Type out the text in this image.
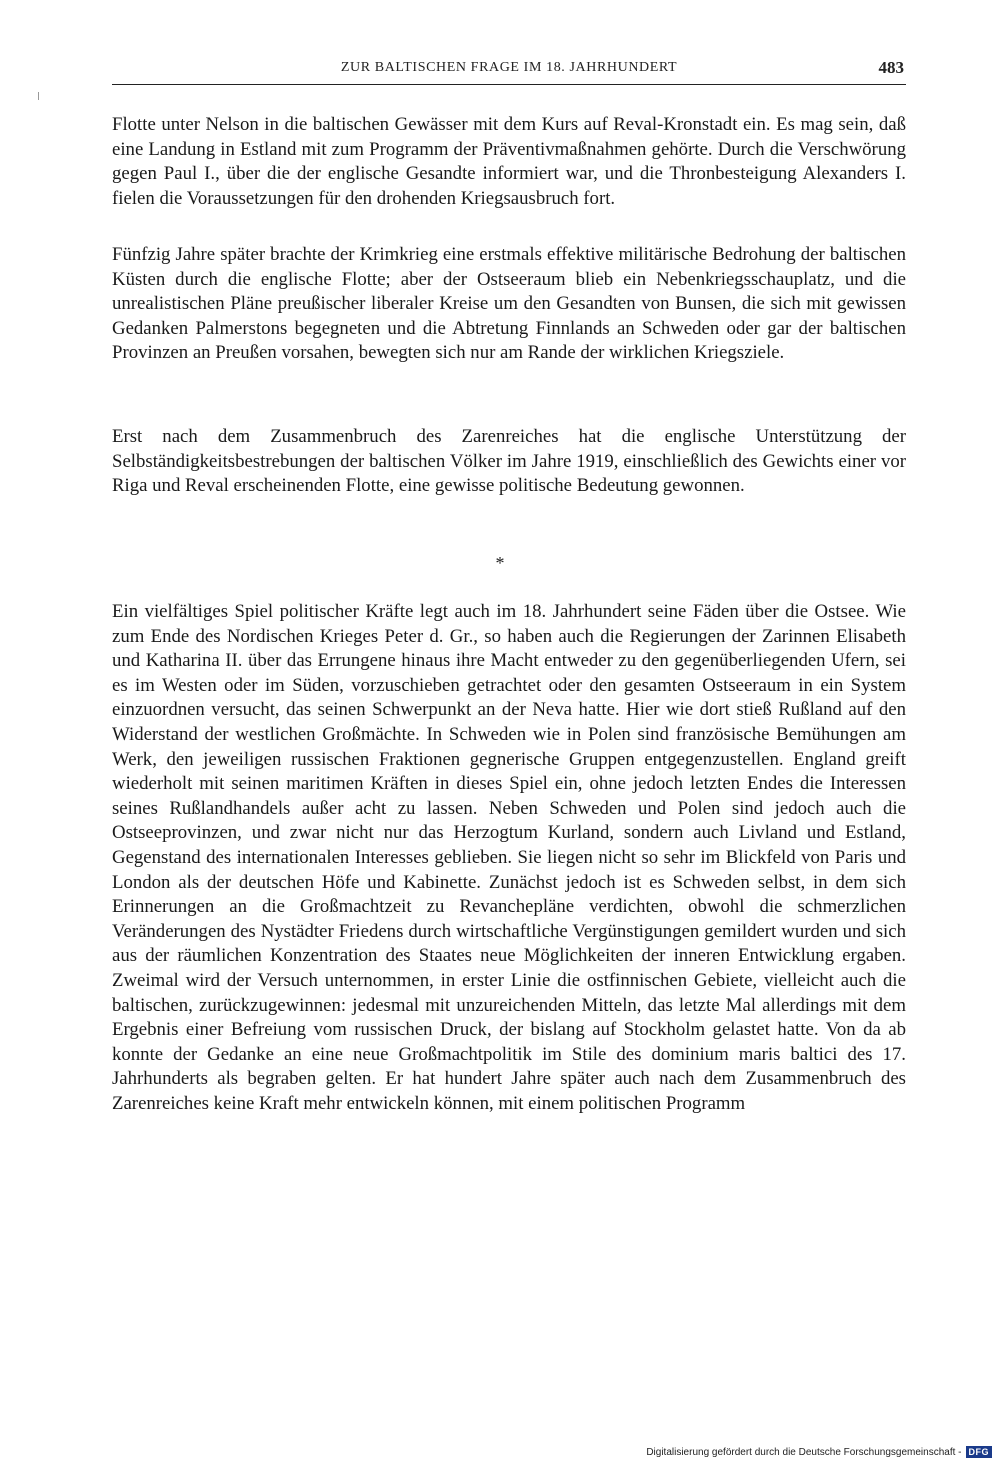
ZUR BALTISCHEN FRAGE IM 18. JAHRHUNDERT	483

Flotte unter Nelson in die baltischen Gewässer mit dem Kurs auf Reval-Kronstadt ein. Es mag sein, daß eine Landung in Estland mit zum Programm der Präventivmaßnahmen gehörte. Durch die Verschwörung gegen Paul I., über die der englische Gesandte informiert war, und die Thronbesteigung Alexanders I. fielen die Voraussetzungen für den drohenden Kriegsausbruch fort.

Fünfzig Jahre später brachte der Krimkrieg eine erstmals effektive militärische Bedrohung der baltischen Küsten durch die englische Flotte; aber der Ostseeraum blieb ein Nebenkriegsschauplatz, und die unrealistischen Pläne preußischer liberaler Kreise um den Gesandten von Bunsen, die sich mit gewissen Gedanken Palmerstons begegneten und die Abtretung Finnlands an Schweden oder gar der baltischen Provinzen an Preußen vorsahen, bewegten sich nur am Rande der wirklichen Kriegsziele.

Erst nach dem Zusammenbruch des Zarenreiches hat die englische Unterstützung der Selbständigkeitsbestrebungen der baltischen Völker im Jahre 1919, einschließlich des Gewichts einer vor Riga und Reval erscheinenden Flotte, eine gewisse politische Bedeutung gewonnen.

*

Ein vielfältiges Spiel politischer Kräfte legt auch im 18. Jahrhundert seine Fäden über die Ostsee. Wie zum Ende des Nordischen Krieges Peter d. Gr., so haben auch die Regierungen der Zarinnen Elisabeth und Katharina II. über das Errungene hinaus ihre Macht entweder zu den gegenüberliegenden Ufern, sei es im Westen oder im Süden, vorzuschieben getrachtet oder den gesamten Ostseeraum in ein System einzuordnen versucht, das seinen Schwerpunkt an der Neva hatte. Hier wie dort stieß Rußland auf den Widerstand der westlichen Großmächte. In Schweden wie in Polen sind französische Bemühungen am Werk, den jeweiligen russischen Fraktionen gegnerische Gruppen entgegenzustellen. England greift wiederholt mit seinen maritimen Kräften in dieses Spiel ein, ohne jedoch letzten Endes die Interessen seines Rußlandhandels außer acht zu lassen. Neben Schweden und Polen sind jedoch auch die Ostseeprovinzen, und zwar nicht nur das Herzogtum Kurland, sondern auch Livland und Estland, Gegenstand des internationalen Interesses geblieben. Sie liegen nicht so sehr im Blickfeld von Paris und London als der deutschen Höfe und Kabinette. Zunächst jedoch ist es Schweden selbst, in dem sich Erinnerungen an die Großmachtzeit zu Revanchepläne verdichten, obwohl die schmerzlichen Veränderungen des Nystädter Friedens durch wirtschaftliche Vergünstigungen gemildert wurden und sich aus der räumlichen Konzentration des Staates neue Möglichkeiten der inneren Entwicklung ergaben. Zweimal wird der Versuch unternommen, in erster Linie die ostfinnischen Gebiete, vielleicht auch die baltischen, zurückzugewinnen: jedesmal mit unzureichenden Mitteln, das letzte Mal allerdings mit dem Ergebnis einer Befreiung vom russischen Druck, der bislang auf Stockholm gelastet hatte. Von da ab konnte der Gedanke an eine neue Großmachtpolitik im Stile des dominium maris baltici des 17. Jahrhunderts als begraben gelten. Er hat hundert Jahre später auch nach dem Zusammenbruch des Zarenreiches keine Kraft mehr entwickeln können, mit einem politischen Programm

Digitalisierung gefördert durch die Deutsche Forschungsgemeinschaft - DFG
